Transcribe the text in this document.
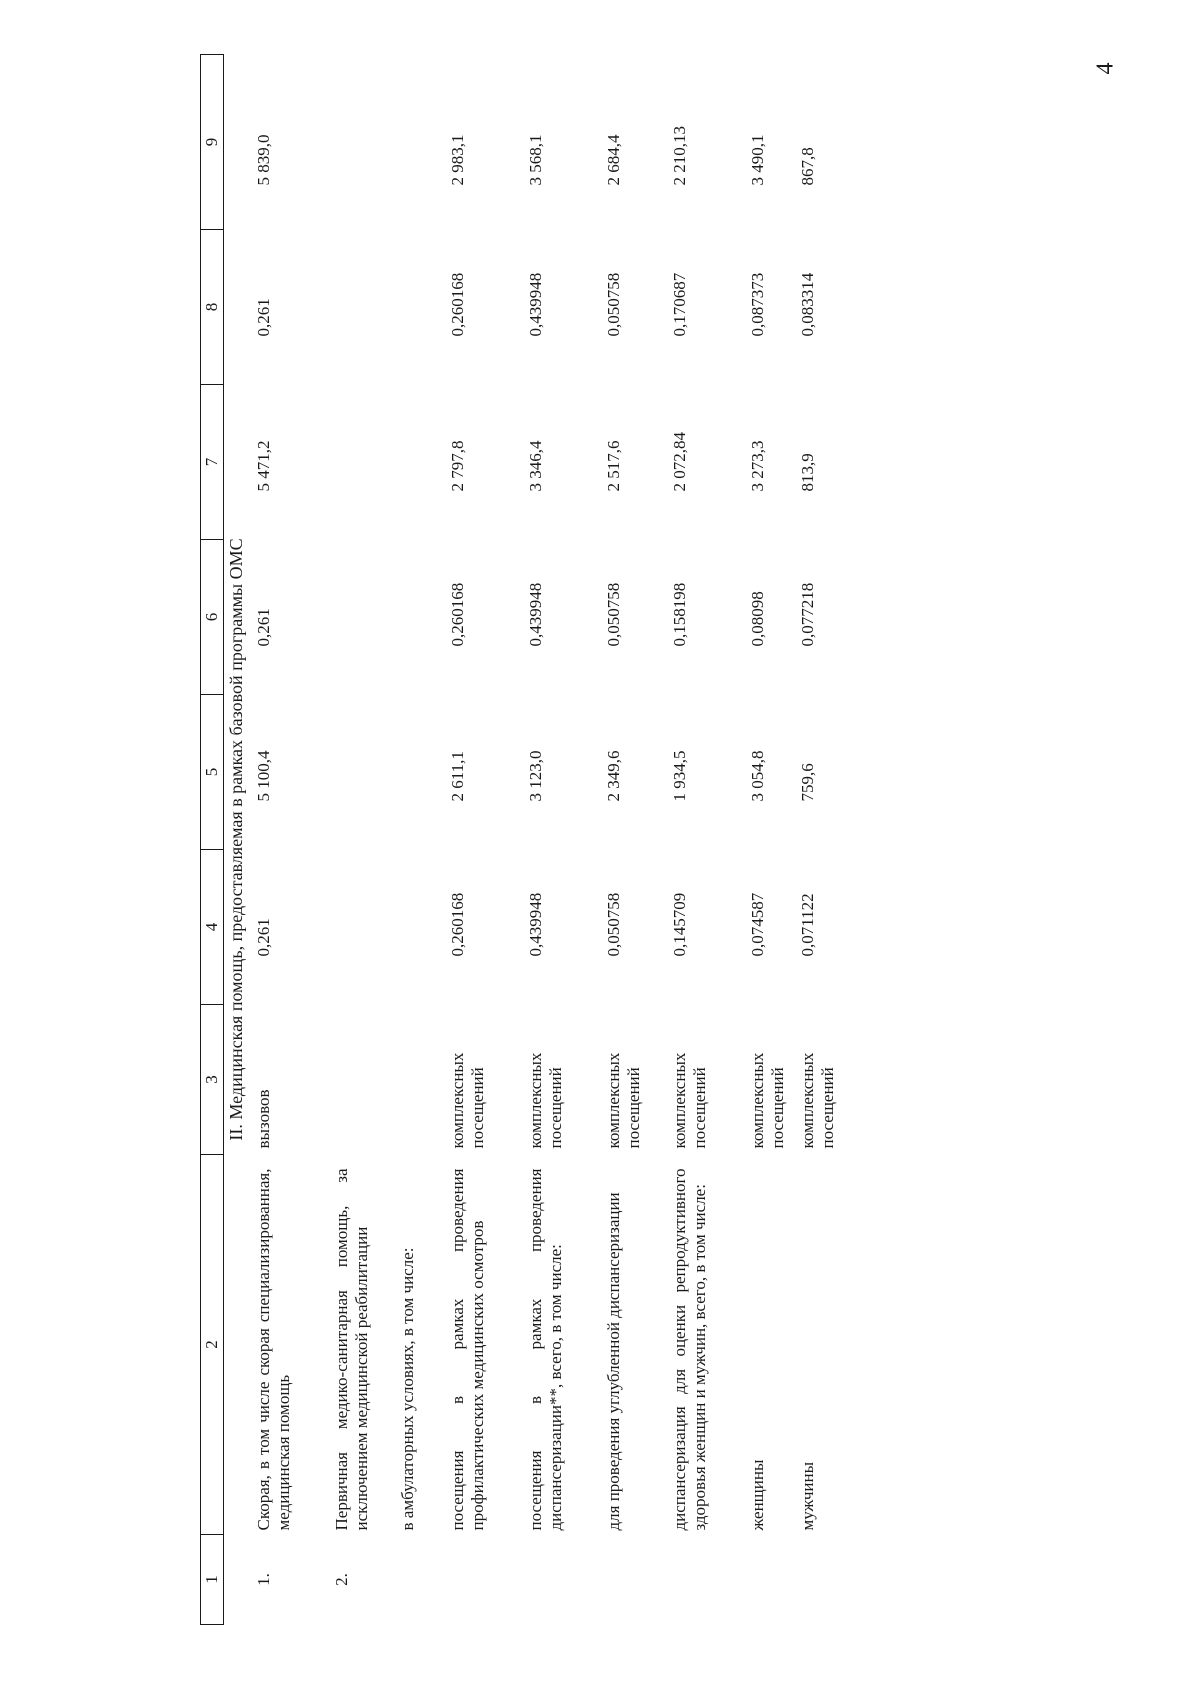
4
1	2	3	4	5	6	7	8	9
II. Медицинская помощь, предоставляемая в рамках базовой программы ОМС								
1.	Скорая, в том числе скорая специализированная, медицинская помощь	вызовов	0,261	5 100,4	0,261	5 471,2	0,261	5 839,0
2.	Первичная медико-санитарная помощь, за исключением медицинской реабилитации							
	в амбулаторных условиях, в том числе:							
	посещения в рамках проведения профилактических медицинских осмотров	комплексных посещений	0,260168	2 611,1	0,260168	2 797,8	0,260168	2 983,1
	посещения в рамках проведения диспансеризации**, всего, в том числе:	комплексных посещений	0,439948	3 123,0	0,439948	3 346,4	0,439948	3 568,1
	для проведения углубленной диспансеризации	комплексных посещений	0,050758	2 349,6	0,050758	2 517,6	0,050758	2 684,4
	диспансеризация для оценки репродуктивного здоровья женщин и мужчин, всего, в том числе:	комплексных посещений	0,145709	1 934,5	0,158198	2 072,84	0,170687	2 210,13
	женщины	комплексных посещений	0,074587	3 054,8	0,08098	3 273,3	0,087373	3 490,1
	мужчины	комплексных посещений	0,071122	759,6	0,077218	813,9	0,083314	867,8
